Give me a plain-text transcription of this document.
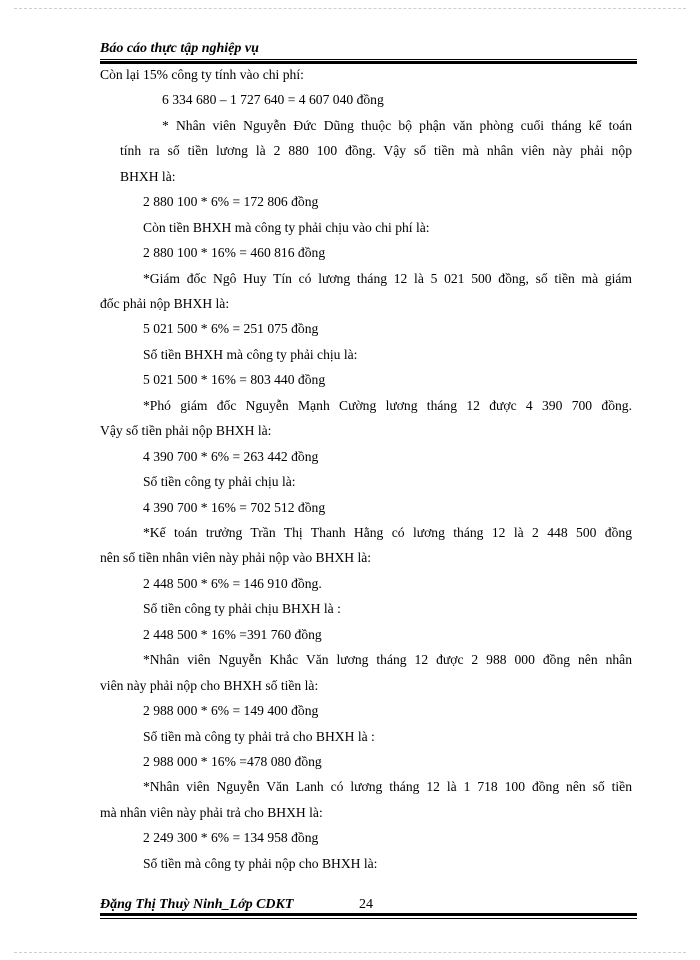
Báo cáo thực tập nghiệp vụ
Còn lại 15% công ty tính vào chi phí:
6 334 680 – 1 727 640 = 4 607 040 đồng
* Nhân viên Nguyễn Đức Dũng thuộc bộ phận văn phòng cuối tháng kế toán
tính ra số tiền lương là 2 880 100 đồng. Vậy số tiền mà nhân viên này phải nộp
BHXH là:
2 880 100 * 6% = 172 806 đồng
Còn tiền BHXH mà công ty phải chịu vào chi phí là:
2 880 100 * 16% = 460 816 đồng
*Giám đốc Ngô Huy Tín có lương tháng 12 là 5 021 500 đồng, số tiền mà giám
đốc phải nộp BHXH là:
5 021 500 * 6% = 251 075 đồng
Số tiền BHXH mà công ty phải chịu là:
5 021 500 * 16% = 803 440 đồng
*Phó giám đốc Nguyễn Mạnh Cường lương tháng 12 được 4 390 700 đồng.
Vậy số tiền phải nộp BHXH là:
4 390 700 * 6% = 263 442 đồng
Số tiền công ty phải chịu là:
4 390 700 * 16% = 702 512 đồng
*Kế toán trưởng Trần Thị Thanh Hằng có lương tháng 12 là 2 448 500 đồng
nên số tiền nhân viên này phải nộp vào BHXH là:
2 448 500 * 6% = 146 910 đồng.
Số tiền công ty phải chịu BHXH là :
2 448 500 * 16% =391 760 đồng
*Nhân viên Nguyễn Khắc Văn lương tháng 12 được 2 988 000 đồng nên nhân
viên này phải nộp cho BHXH số tiền là:
2 988 000 * 6% = 149 400 đồng
Số tiền mà công ty phải trả cho BHXH là :
2 988 000 * 16% =478 080 đồng
*Nhân viên Nguyễn Văn Lanh có lương tháng 12 là 1 718 100 đồng nên số tiền
mà nhân viên này phải trả cho BHXH là:
2 249 300 * 6% = 134 958 đồng
Số tiền mà công ty phải nộp cho BHXH là:
Đặng Thị Thuỳ Ninh_Lớp CDKT	24
